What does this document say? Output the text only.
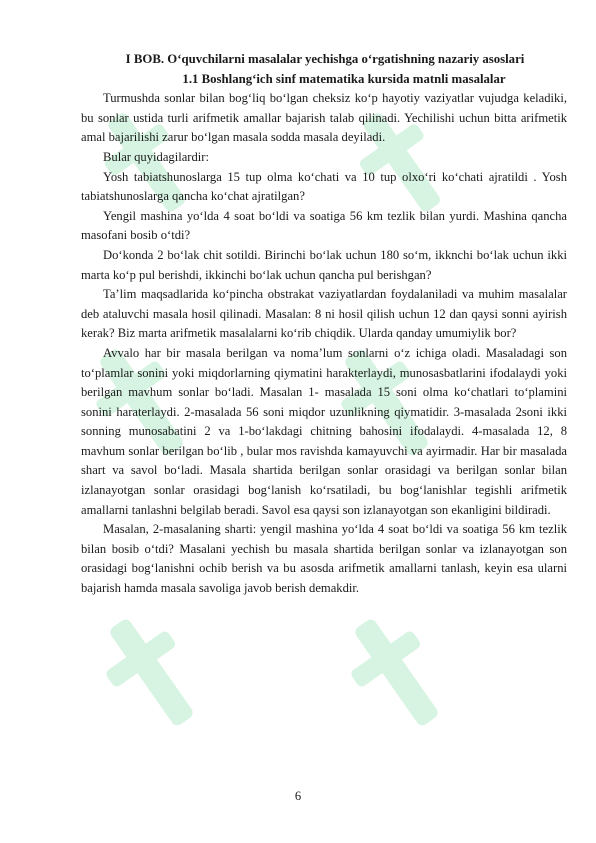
I BOB. O‘quvchilarni masalalar yechishga o‘rgatishning nazariy asoslari
1.1 Boshlang‘ich sinf matematika kursida matnli masalalar

Turmushda sonlar bilan bog‘liq bo‘lgan cheksiz ko‘p hayotiy vaziyatlar vujudga keladiki, bu sonlar ustida turli arifmetik amallar bajarish talab qilinadi. Yechilishi uchun bitta arifmetik amal bajarilishi zarur bo‘lgan masala sodda masala deyiladi.

Bular quyidagilardir:

Yosh tabiatshunoslarga 15 tup olma ko‘chati va 10 tup olxo‘ri ko‘chati ajratildi . Yosh tabiatshunoslarga qancha ko‘chat ajratilgan?

Yengil mashina yo‘lda 4 soat bo‘ldi va soatiga 56 km tezlik bilan yurdi. Mashina qancha masofani bosib o‘tdi?

Do‘konda 2 bo‘lak chit sotildi. Birinchi bo‘lak uchun 180 so‘m, ikknchi bo‘lak uchun ikki marta ko‘p pul berishdi, ikkinchi bo‘lak uchun qancha pul berishgan?

Ta’lim maqsadlarida ko‘pincha obstrakat vaziyatlardan foydalaniladi va muhim masalalar deb ataluvchi masala hosil qilinadi. Masalan: 8 ni hosil qilish uchun 12 dan qaysi sonni ayirish kerak? Biz marta arifmetik masalalarni ko‘rib chiqdik. Ularda qanday umumiylik bor?

Avvalo har bir masala berilgan va noma’lum sonlarni o‘z ichiga oladi. Masaladagi son to‘plamlar sonini yoki miqdorlarning qiymatini harakterlaydi, munosasbatlarini ifodalaydi yoki berilgan mavhum sonlar bo‘ladi. Masalan 1- masalada 15 soni olma ko‘chatlari to‘plamini sonini haraterlaydi. 2-masalada 56 soni miqdor uzunlikning qiymatidir. 3-masalada 2soni ikki sonning munosabatini 2 va 1-bo‘lakdagi chitning bahosini ifodalaydi. 4-masalada 12, 8 mavhum sonlar berilgan bo‘lib , bular mos ravishda kamayuvchi va ayirmadir. Har bir masalada shart va savol bo‘ladi. Masala shartida berilgan sonlar orasidagi va berilgan sonlar bilan izlanayotgan sonlar orasidagi bog‘lanish ko‘rsatiladi, bu bog‘lanishlar tegishli arifmetik amallarni tanlashni belgilab beradi. Savol esa qaysi son izlanayotgan son ekanligini bildiradi.

Masalan, 2-masalaning sharti: yengil mashina yo‘lda 4 soat bo‘ldi va soatiga 56 km tezlik bilan bosib o‘tdi? Masalani yechish bu masala shartida berilgan sonlar va izlanayotgan son orasidagi bog‘lanishni ochib berish va bu asosda arifmetik amallarni tanlash, keyin esa ularni bajarish hamda masala savoliga javob berish demakdir.

6
